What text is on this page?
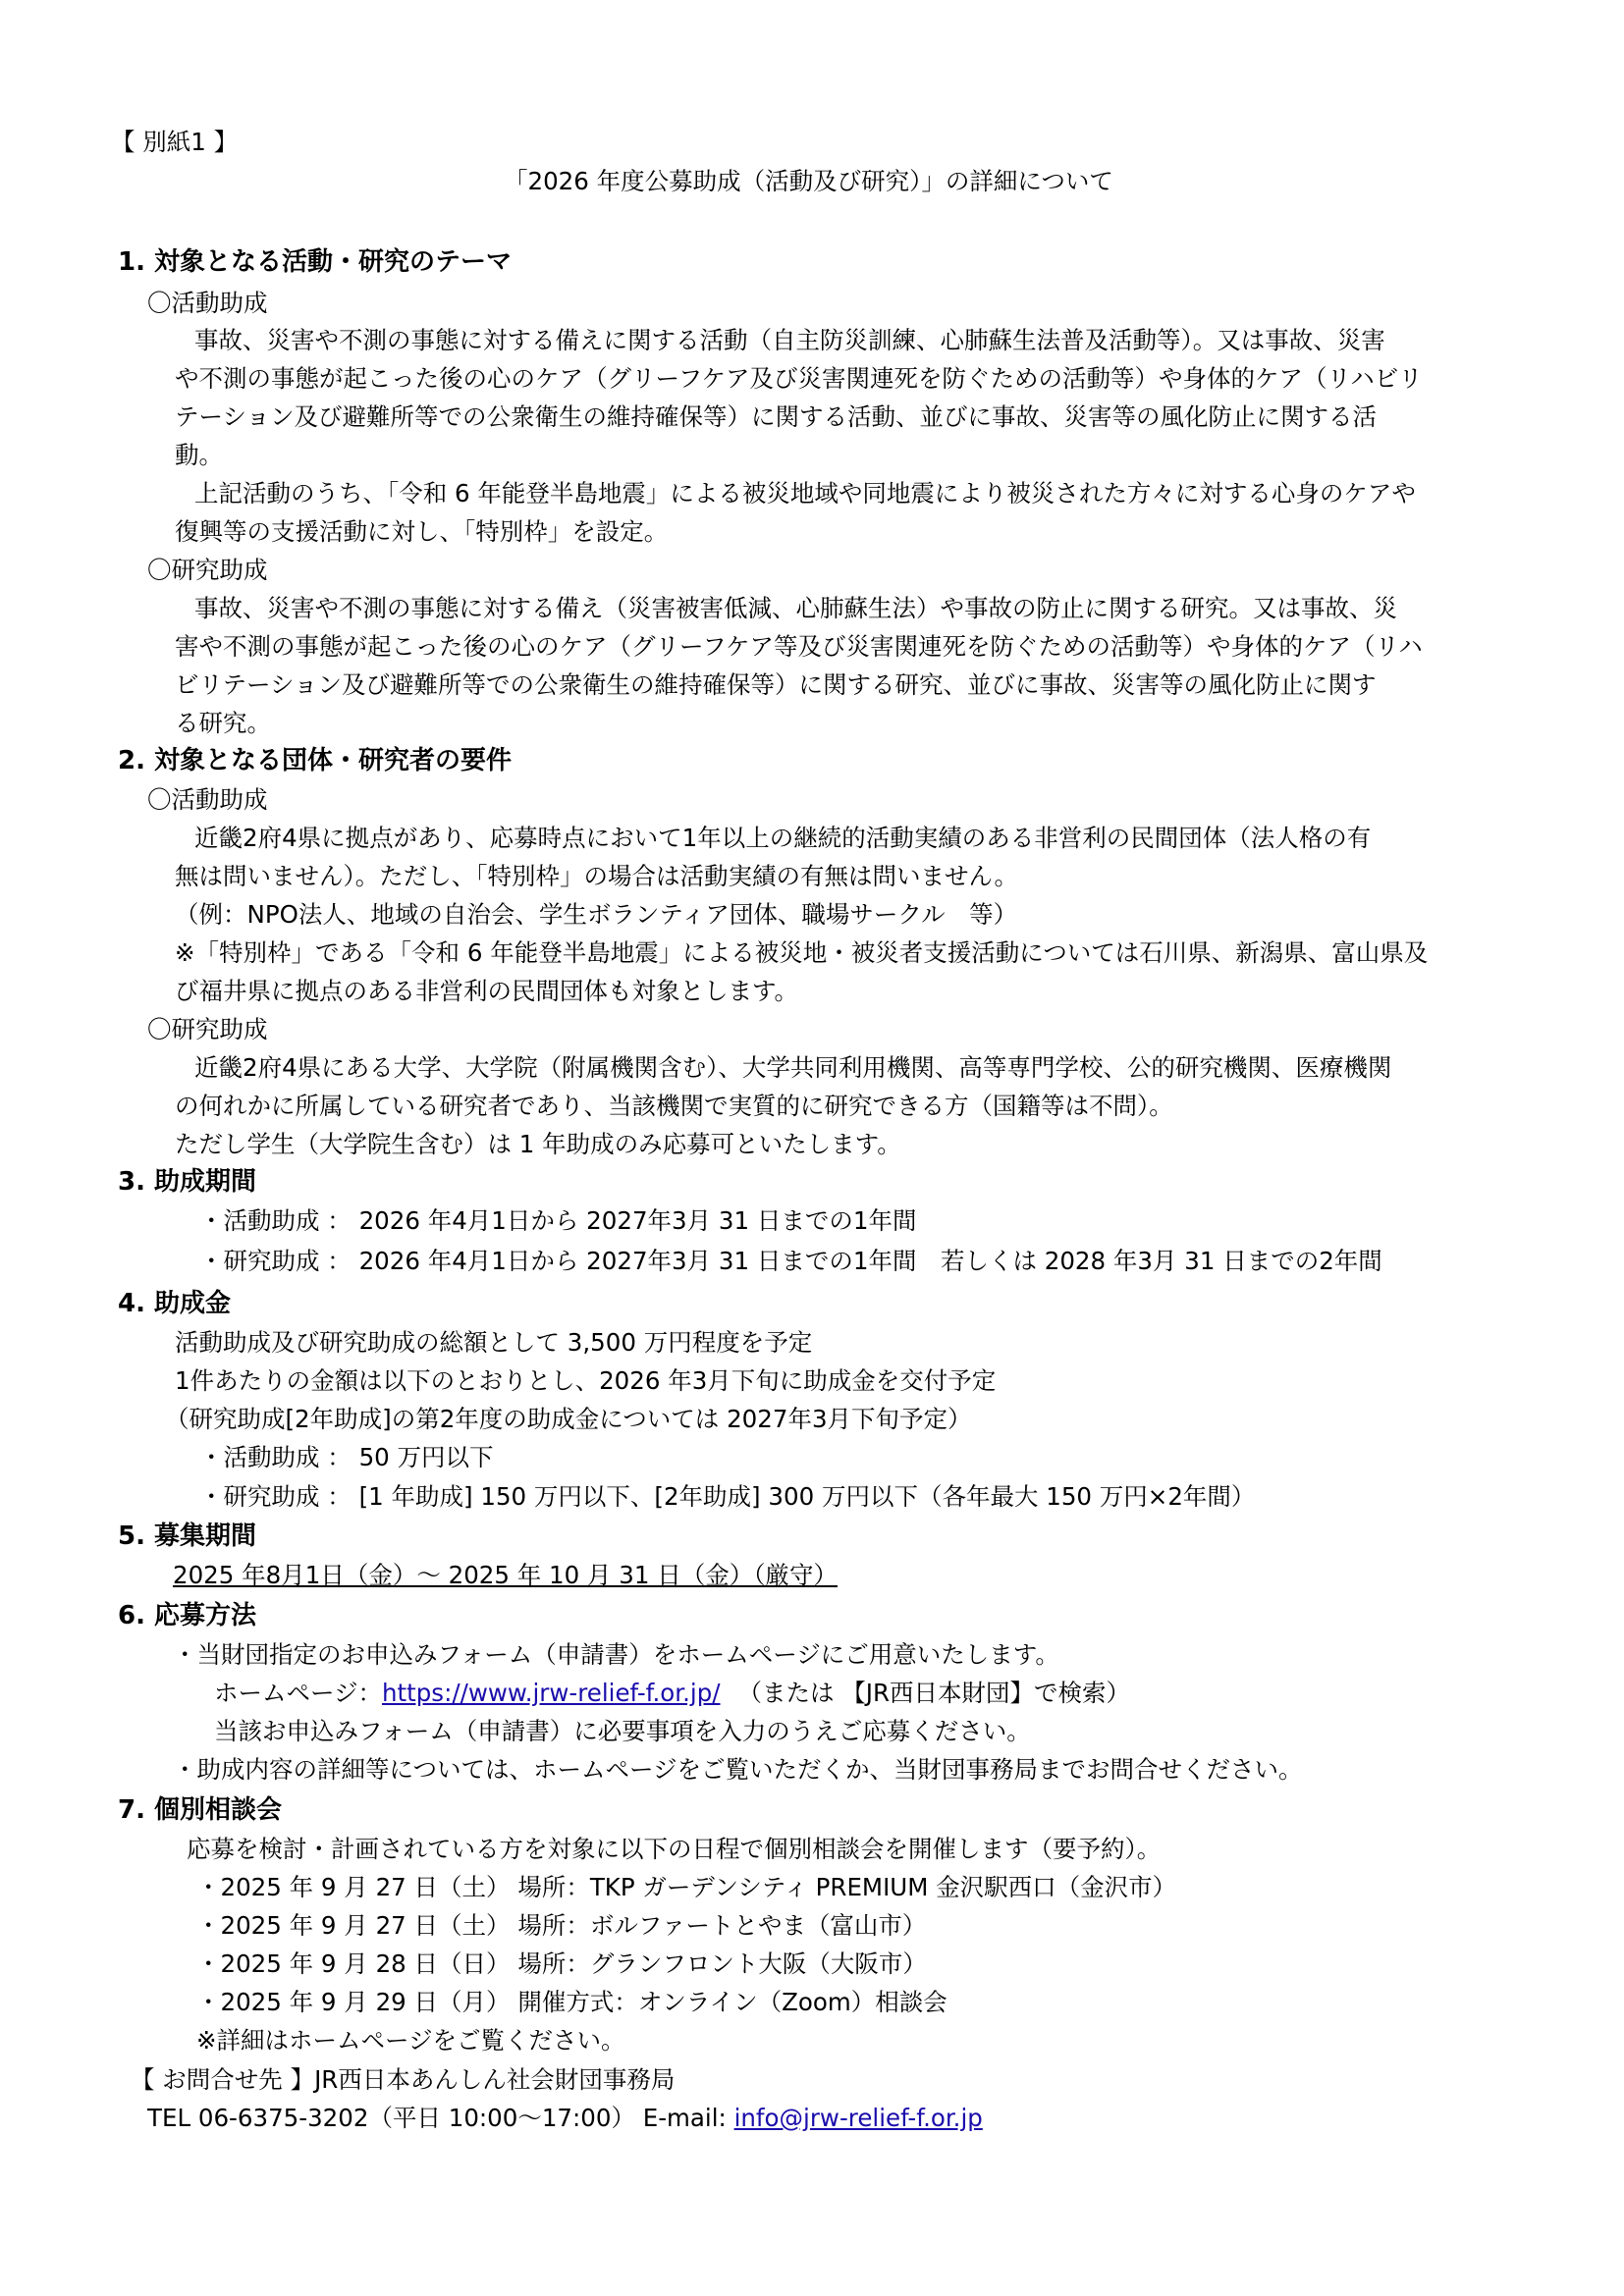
【 別紙1 】
「2026 年度公募助成（活動及び研究）」の詳細について
1. 対象となる活動・研究のテーマ
〇活動助成
事故、災害や不測の事態に対する備えに関する活動（自主防災訓練、心肺蘇生法普及活動等）。又は事故、災害
や不測の事態が起こった後の心のケア（グリーフケア及び災害関連死を防ぐための活動等）や身体的ケア（リハビリ
テーション及び避難所等での公衆衛生の維持確保等）に関する活動、並びに事故、災害等の風化防止に関する活
動。
上記活動のうち、「令和 6 年能登半島地震」による被災地域や同地震により被災された方々に対する心身のケアや
復興等の支援活動に対し、「特別枠」を設定。
〇研究助成
事故、災害や不測の事態に対する備え（災害被害低減、心肺蘇生法）や事故の防止に関する研究。又は事故、災
害や不測の事態が起こった後の心のケア（グリーフケア等及び災害関連死を防ぐための活動等）や身体的ケア（リハ
ビリテーション及び避難所等での公衆衛生の維持確保等）に関する研究、並びに事故、災害等の風化防止に関す
る研究。
2. 対象となる団体・研究者の要件
〇活動助成
近畿2府4県に拠点があり、応募時点において1年以上の継続的活動実績のある非営利の民間団体（法人格の有
無は問いません）。ただし、「特別枠」の場合は活動実績の有無は問いません。
（例：NPO法人、地域の自治会、学生ボランティア団体、職場サークル　等）
※「特別枠」である「令和 6 年能登半島地震」による被災地・被災者支援活動については石川県、新潟県、富山県及
び福井県に拠点のある非営利の民間団体も対象とします。
〇研究助成
近畿2府4県にある大学、大学院（附属機関含む）、大学共同利用機関、高等専門学校、公的研究機関、医療機関
の何れかに所属している研究者であり、当該機関で実質的に研究できる方（国籍等は不問）。
ただし学生（大学院生含む）は 1 年助成のみ応募可といたします。
3. 助成期間
・活動助成 ： 2026 年4月1日から 2027年3月 31 日までの1年間
・研究助成 ： 2026 年4月1日から 2027年3月 31 日までの1年間　若しくは 2028 年3月 31 日までの2年間
4. 助成金
活動助成及び研究助成の総額として 3,500 万円程度を予定
1件あたりの金額は以下のとおりとし、2026 年3月下旬に助成金を交付予定
（研究助成[2年助成]の第2年度の助成金については 2027年3月下旬予定）
・活動助成 ： 50 万円以下
・研究助成 ： [1 年助成] 150 万円以下、[2年助成] 300 万円以下（各年最大 150 万円×2年間）
5. 募集期間
2025 年8月1日（金）～ 2025 年 10 月 31 日（金）（厳守）
6. 応募方法
・当財団指定のお申込みフォーム（申請書）をホームページにご用意いたします。
ホームページ：https://www.jrw-relief-f.or.jp/ （または 【JR西日本財団】で検索）
当該お申込みフォーム（申請書）に必要事項を入力のうえご応募ください。
・助成内容の詳細等については、ホームページをご覧いただくか、当財団事務局までお問合せください。
7. 個別相談会
応募を検討・計画されている方を対象に以下の日程で個別相談会を開催します（要予約）。
・2025 年 9 月 27 日（土） 場所：TKP ガーデンシティ PREMIUM 金沢駅西口（金沢市）
・2025 年 9 月 27 日（土） 場所：ボルファートとやま（富山市）
・2025 年 9 月 28 日（日） 場所：グランフロント大阪（大阪市）
・2025 年 9 月 29 日（月） 開催方式：オンライン（Zoom）相談会
※詳細はホームページをご覧ください。
【 お問合せ先 】JR西日本あんしん社会財団事務局
TEL 06-6375-3202（平日 10:00～17:00） E-mail: info@jrw-relief-f.or.jp
